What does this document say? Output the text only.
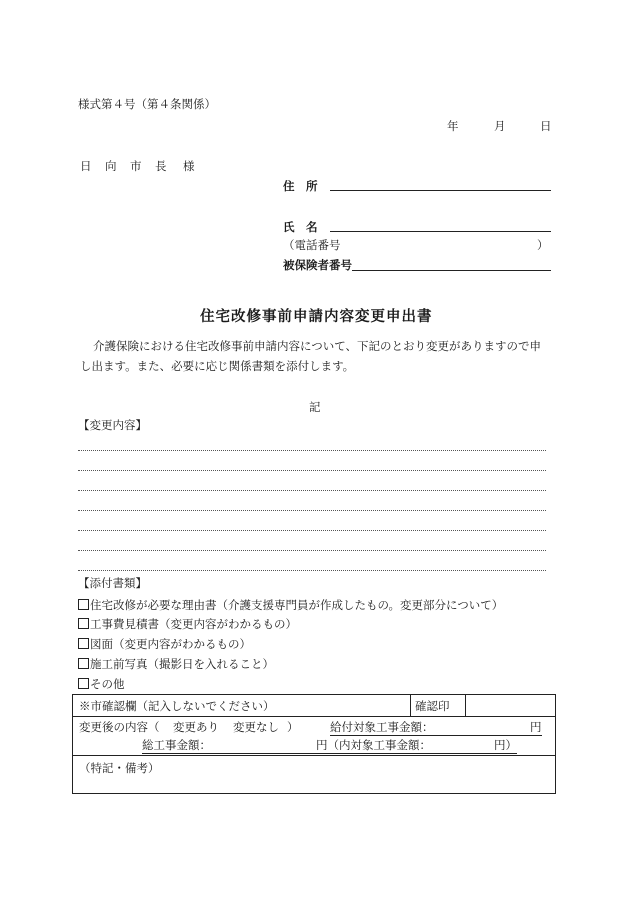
様式第４号（第４条関係）
年	月	日
日　向　市　長 様
住　所
氏　名
（電話番号	）
被保険者番号
住宅改修事前申請内容変更申出書
介護保険における住宅改修事前申請内容について、下記のとおり変更がありますので申
し出ます。また、必要に応じ関係書類を添付します。
記
【変更内容】
【添付書類】
住宅改修が必要な理由書（介護支援専門員が作成したもの。変更部分について）
工事費見積書（変更内容がわかるもの）
図面（変更内容がわかるもの）
施工前写真（撮影日を入れること）
その他
※市確認欄（記入しないでください）	確認印
変更後の内容（ 変更あり 変更なし ）	給付対象工事金額：	円
総工事金額：	円（内対象工事金額：	円）
（特記・備考）
